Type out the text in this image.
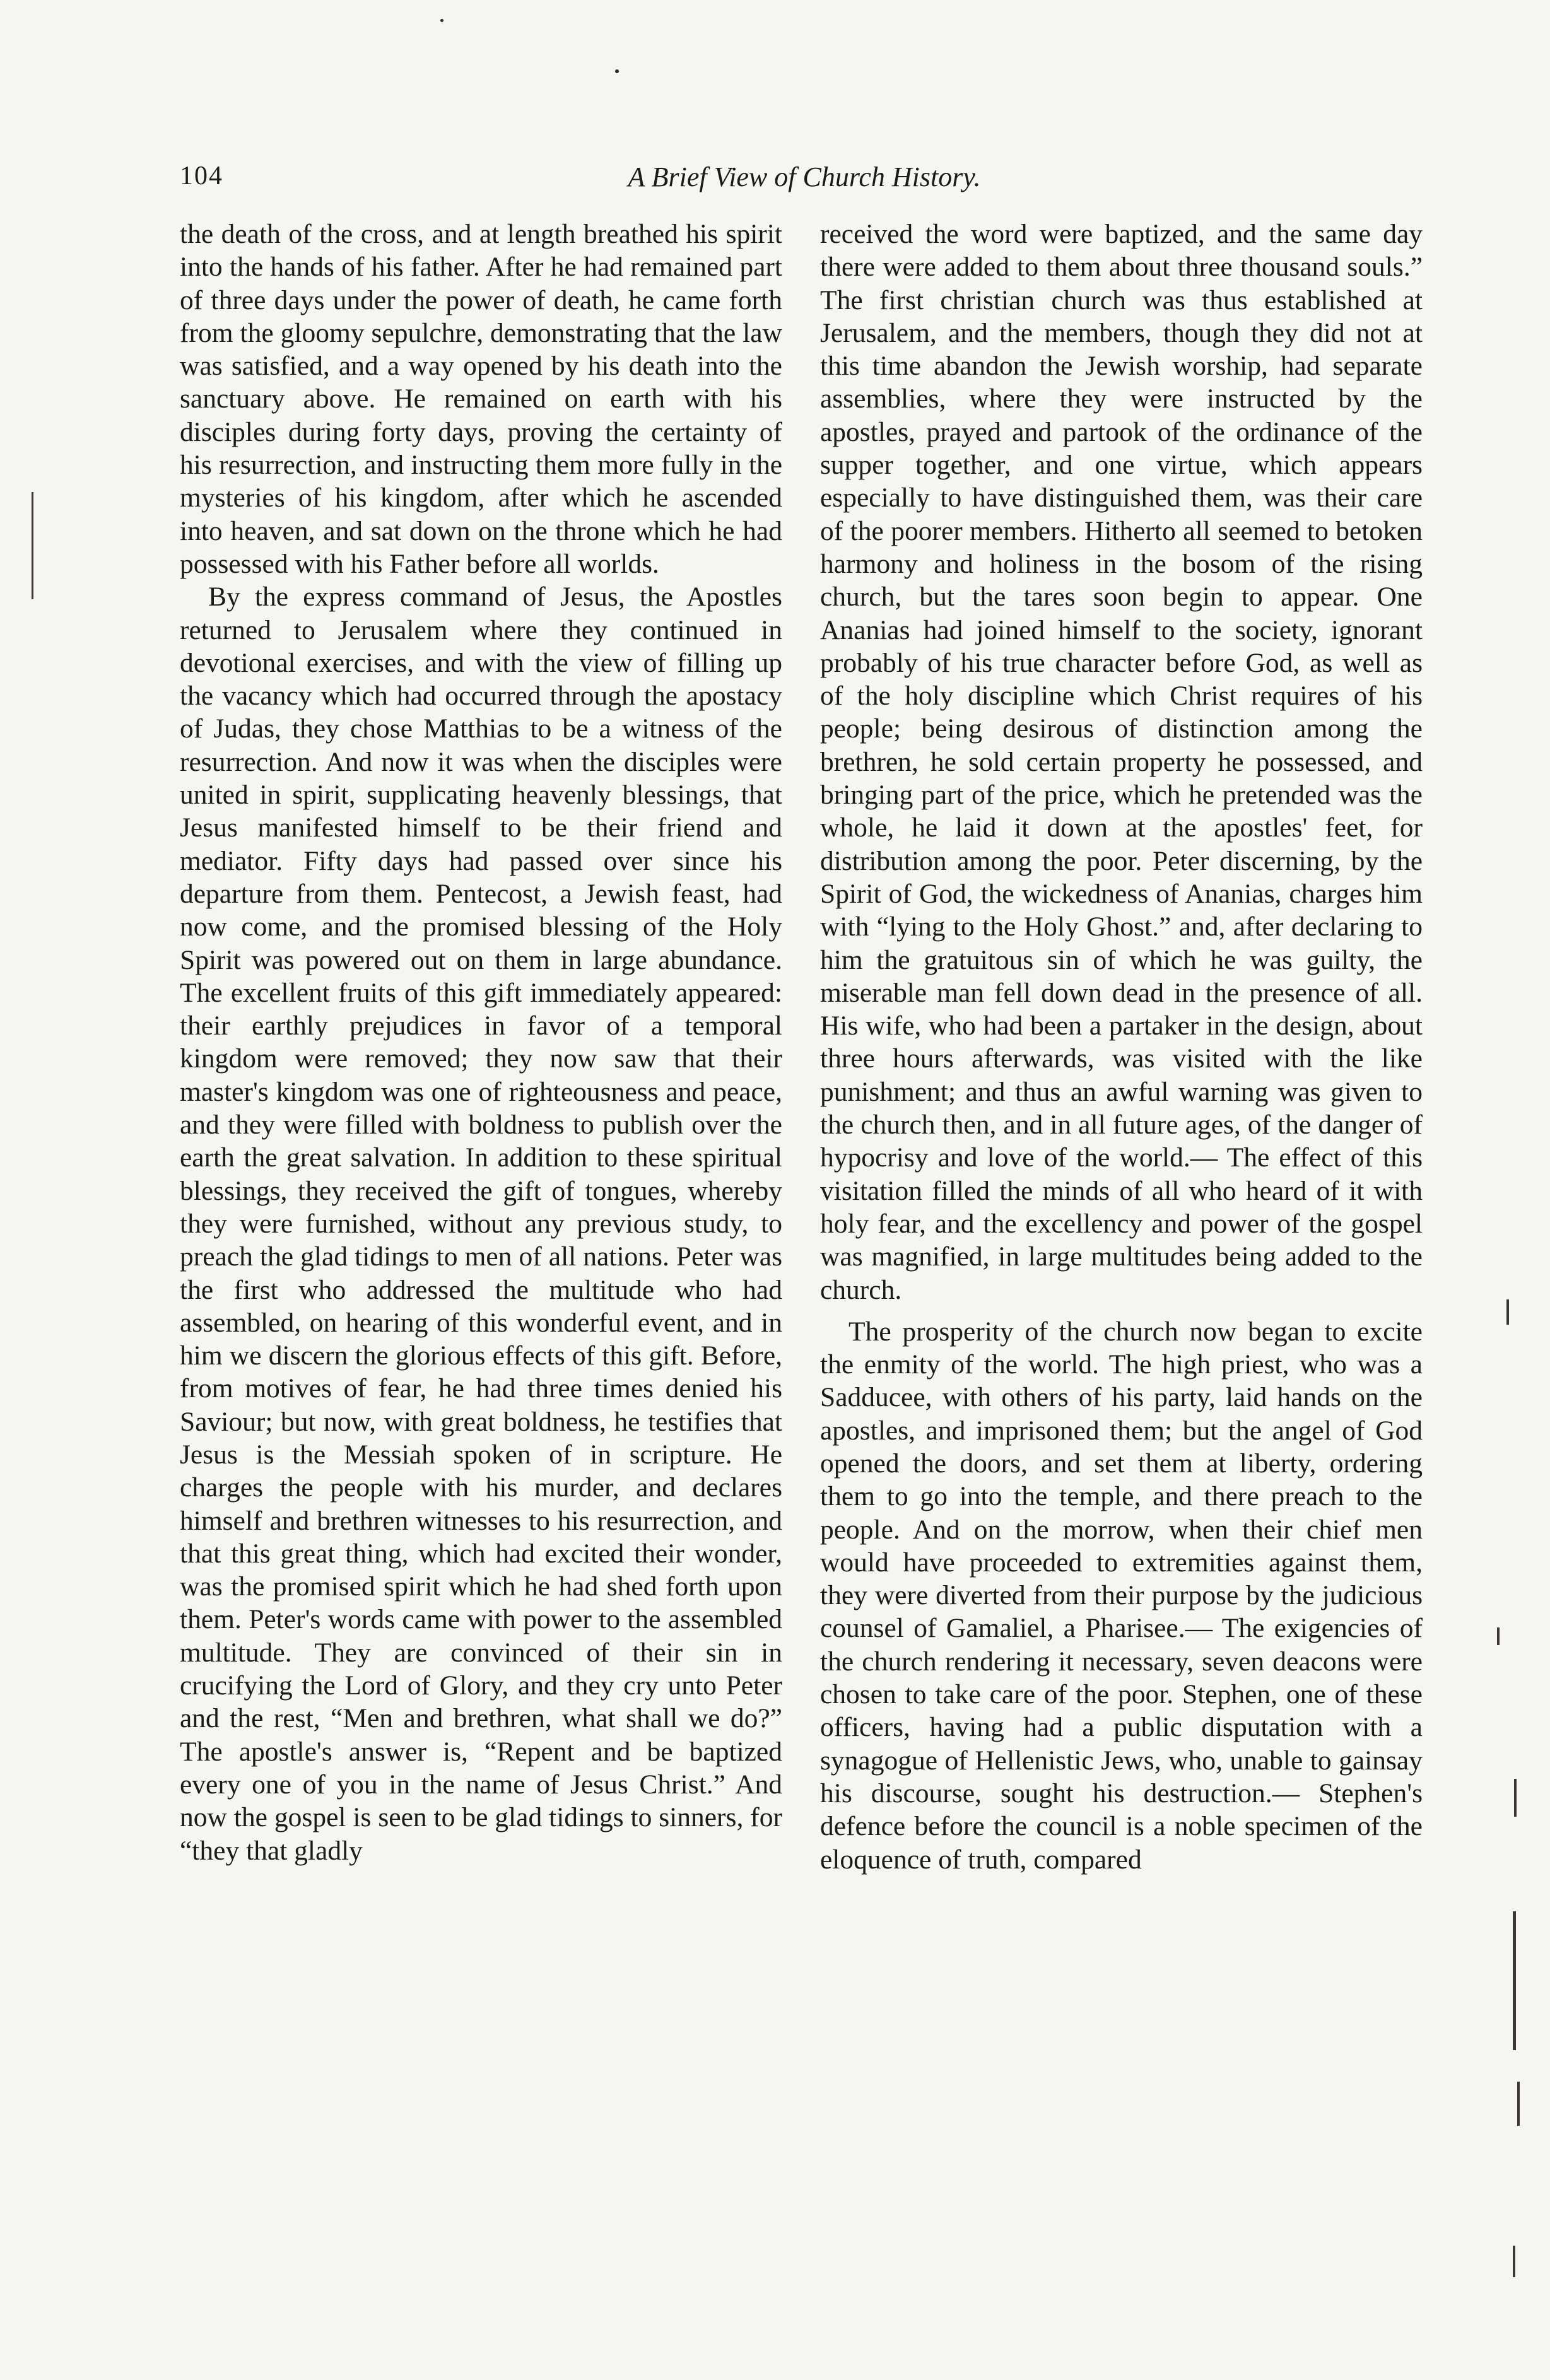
104	A Brief View of Church History.

the death of the cross, and at length breathed his spirit into the hands of his father. After he had remained part of three days under the power of death, he came forth from the gloomy sepulchre, demonstrating that the law was satisfied, and a way opened by his death into the sanctuary above. He remained on earth with his disciples during forty days, proving the certainty of his resurrection, and instructing them more fully in the mysteries of his kingdom, after which he ascended into heaven, and sat down on the throne which he had possessed with his Father before all worlds.

By the express command of Jesus, the Apostles returned to Jerusalem where they continued in devotional exercises, and with the view of filling up the vacancy which had occurred through the apostacy of Judas, they chose Matthias to be a witness of the resurrection. And now it was when the disciples were united in spirit, supplicating heavenly blessings, that Jesus manifested himself to be their friend and mediator. Fifty days had passed over since his departure from them. Pentecost, a Jewish feast, had now come, and the promised blessing of the Holy Spirit was powered out on them in large abundance. The excellent fruits of this gift immediately appeared: their earthly prejudices in favor of a temporal kingdom were removed; they now saw that their master's kingdom was one of righteousness and peace, and they were filled with boldness to publish over the earth the great salvation. In addition to these spiritual blessings, they received the gift of tongues, whereby they were furnished, without any previous study, to preach the glad tidings to men of all nations. Peter was the first who addressed the multitude who had assembled, on hearing of this wonderful event, and in him we discern the glorious effects of this gift. Before, from motives of fear, he had three times denied his Saviour; but now, with great boldness, he testifies that Jesus is the Messiah spoken of in scripture. He charges the people with his murder, and declares himself and brethren witnesses to his resurrection, and that this great thing, which had excited their wonder, was the promised spirit which he had shed forth upon them. Peter's words came with power to the assembled multitude. They are convinced of their sin in crucifying the Lord of Glory, and they cry unto Peter and the rest, “Men and brethren, what shall we do?” The apostle's answer is, “Repent and be baptized every one of you in the name of Jesus Christ.” And now the gospel is seen to be glad tidings to sinners, for “they that gladly

received the word were baptized, and the same day there were added to them about three thousand souls.” The first christian church was thus established at Jerusalem, and the members, though they did not at this time abandon the Jewish worship, had separate assemblies, where they were instructed by the apostles, prayed and partook of the ordinance of the supper together, and one virtue, which appears especially to have distinguished them, was their care of the poorer members. Hitherto all seemed to betoken harmony and holiness in the bosom of the rising church, but the tares soon begin to appear. One Ananias had joined himself to the society, ignorant probably of his true character before God, as well as of the holy discipline which Christ requires of his people; being desirous of distinction among the brethren, he sold certain property he possessed, and bringing part of the price, which he pretended was the whole, he laid it down at the apostles' feet, for distribution among the poor. Peter discerning, by the Spirit of God, the wickedness of Ananias, charges him with “lying to the Holy Ghost.” and, after declaring to him the gratuitous sin of which he was guilty, the miserable man fell down dead in the presence of all. His wife, who had been a partaker in the design, about three hours afterwards, was visited with the like punishment; and thus an awful warning was given to the church then, and in all future ages, of the danger of hypocrisy and love of the world.— The effect of this visitation filled the minds of all who heard of it with holy fear, and the excellency and power of the gospel was magnified, in large multitudes being added to the church.

The prosperity of the church now began to excite the enmity of the world. The high priest, who was a Sadducee, with others of his party, laid hands on the apostles, and imprisoned them; but the angel of God opened the doors, and set them at liberty, ordering them to go into the temple, and there preach to the people. And on the morrow, when their chief men would have proceeded to extremities against them, they were diverted from their purpose by the judicious counsel of Gamaliel, a Pharisee.— The exigencies of the church rendering it necessary, seven deacons were chosen to take care of the poor. Stephen, one of these officers, having had a public disputation with a synagogue of Hellenistic Jews, who, unable to gainsay his discourse, sought his destruction.— Stephen's defence before the council is a noble specimen of the eloquence of truth, compared
